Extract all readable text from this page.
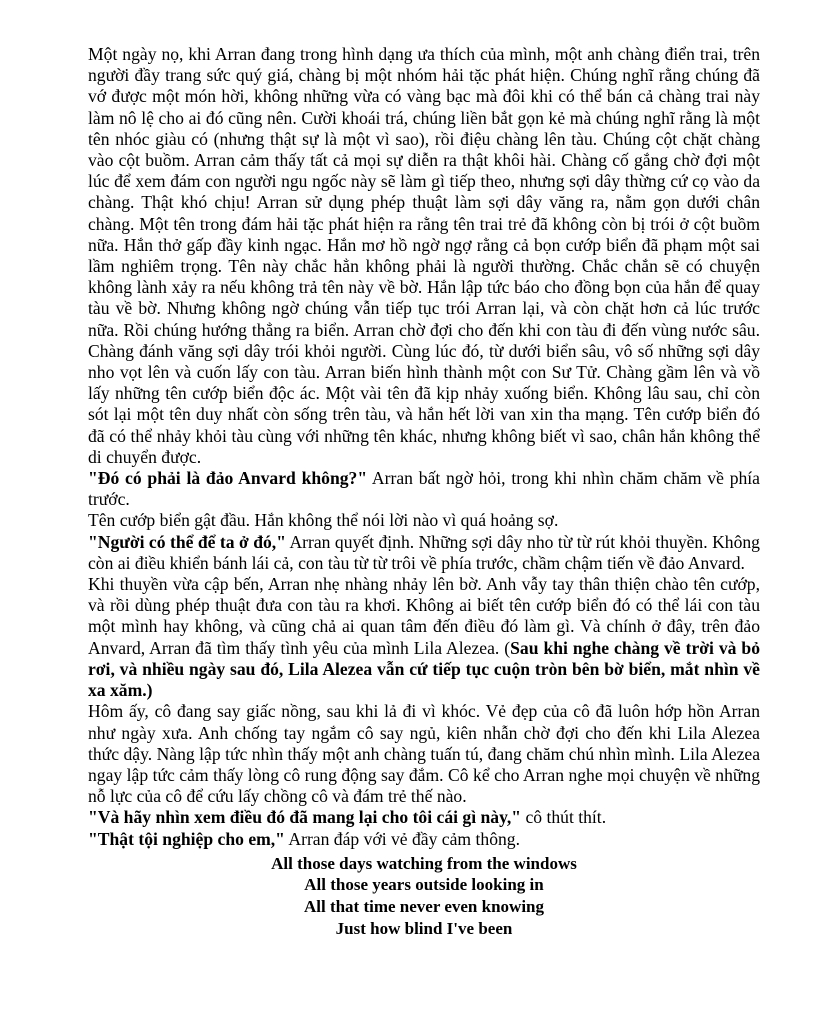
Một ngày nọ, khi Arran đang trong hình dạng ưa thích của mình, một anh chàng điển trai, trên người đầy trang sức quý giá, chàng bị một nhóm hải tặc phát hiện. Chúng nghĩ rằng chúng đã vớ được một món hời, không những vừa có vàng bạc mà đôi khi có thể bán cả chàng trai này làm nô lệ cho ai đó cũng nên. Cười khoái trá, chúng liền bắt gọn kẻ mà chúng nghĩ rằng là một tên nhóc giàu có (nhưng thật sự là một vì sao), rồi điệu chàng lên tàu. Chúng cột chặt chàng vào cột buồm. Arran cảm thấy tất cả mọi sự diễn ra thật khôi hài. Chàng cố gắng chờ đợi một lúc để xem đám con người ngu ngốc này sẽ làm gì tiếp theo, nhưng sợi dây thừng cứ cọ vào da chàng. Thật khó chịu! Arran sử dụng phép thuật làm sợi dây văng ra, nằm gọn dưới chân chàng. Một tên trong đám hải tặc phát hiện ra rằng tên trai trẻ đã không còn bị trói ở cột buồm nữa. Hắn thở gấp đầy kinh ngạc. Hắn mơ hồ ngờ ngợ rằng cả bọn cướp biển đã phạm một sai lầm nghiêm trọng. Tên này chắc hẳn không phải là người thường. Chắc chắn sẽ có chuyện không lành xảy ra nếu không trả tên này về bờ. Hắn lập tức báo cho đồng bọn của hắn để quay tàu về bờ. Nhưng không ngờ chúng vẫn tiếp tục trói Arran lại, và còn chặt hơn cả lúc trước nữa. Rồi chúng hướng thẳng ra biển. Arran chờ đợi cho đến khi con tàu đi đến vùng nước sâu. Chàng đánh văng sợi dây trói khỏi người. Cùng lúc đó, từ dưới biển sâu, vô số những sợi dây nho vọt lên và cuốn lấy con tàu. Arran biến hình thành một con Sư Tử. Chàng gầm lên và vồ lấy những tên cướp biển độc ác. Một vài tên đã kịp nhảy xuống biển. Không lâu sau, chỉ còn sót lại một tên duy nhất còn sống trên tàu, và hắn hết lời van xin tha mạng. Tên cướp biển đó đã có thể nhảy khỏi tàu cùng với những tên khác, nhưng không biết vì sao, chân hắn không thể di chuyển được.

"Đó có phải là đảo Anvard không?" Arran bất ngờ hỏi, trong khi nhìn chăm chăm về phía trước.

Tên cướp biển gật đầu. Hắn không thể nói lời nào vì quá hoảng sợ.

"Người có thể để ta ở đó," Arran quyết định. Những sợi dây nho từ từ rút khỏi thuyền. Không còn ai điều khiển bánh lái cả, con tàu từ từ trôi về phía trước, chầm chậm tiến về đảo Anvard.

Khi thuyền vừa cập bến, Arran nhẹ nhàng nhảy lên bờ. Anh vẫy tay thân thiện chào tên cướp, và rồi dùng phép thuật đưa con tàu ra khơi. Không ai biết tên cướp biển đó có thể lái con tàu một mình hay không, và cũng chả ai quan tâm đến điều đó làm gì. Và chính ở đây, trên đảo Anvard, Arran đã tìm thấy tình yêu của mình Lila Alezea. (Sau khi nghe chàng về trời và bỏ rơi, và nhiều ngày sau đó, Lila Alezea vẫn cứ tiếp tục cuộn tròn bên bờ biển, mắt nhìn về xa xăm.)

Hôm ấy, cô đang say giấc nồng, sau khi lả đi vì khóc. Vẻ đẹp của cô đã luôn hớp hồn Arran như ngày xưa. Anh chống tay ngắm cô say ngủ, kiên nhẫn chờ đợi cho đến khi Lila Alezea thức dậy. Nàng lập tức nhìn thấy một anh chàng tuấn tú, đang chăm chú nhìn mình. Lila Alezea ngay lập tức cảm thấy lòng cô rung động say đắm. Cô kể cho Arran nghe mọi chuyện về những nỗ lực của cô để cứu lấy chồng cô và đám trẻ thế nào.

"Và hãy nhìn xem điều đó đã mang lại cho tôi cái gì này," cô thút thít.

"Thật tội nghiệp cho em," Arran đáp với vẻ đầy cảm thông.

All those days watching from the windows
All those years outside looking in
All that time never even knowing
Just how blind I've been
